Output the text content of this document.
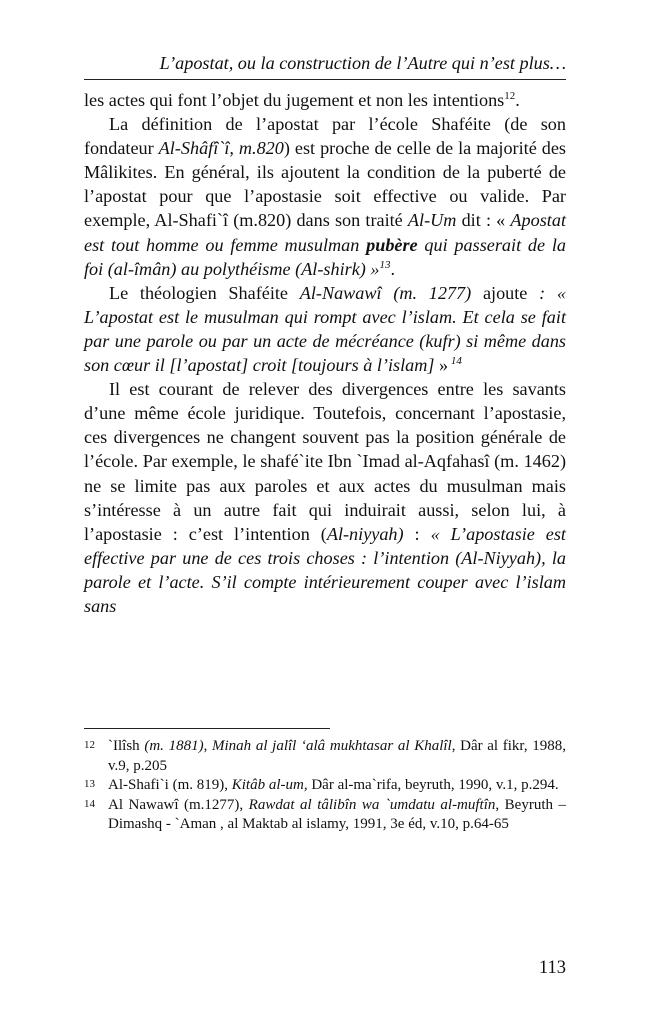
L’apostat, ou la construction de l’Autre qui n’est plus…

les actes qui font l’objet du jugement et non les intentions$^{12}$.

La définition de l’apostat par l’école Shaféite (de son fondateur Al-Shâfî`î, m.820) est proche de celle de la majorité des Mâlikites. En général, ils ajoutent la condition de la puberté de l’apostat pour que l’apostasie soit effective ou valide. Par exemple, Al-Shafi`î (m.820) dans son traité Al-Um dit : « Apostat est tout homme ou femme musulman pubère qui passerait de la foi (al-îmân) au polythéisme (Al-shirk) »$^{13}$.

Le théologien Shaféite Al-Nawawî (m. 1277) ajoute : « L’apostat est le musulman qui rompt avec l’islam. Et cela se fait par une parole ou par un acte de mécréance (kufr) si même dans son cœur il [l’apostat] croit [toujours à l’islam] » $^{14}$

Il est courant de relever des divergences entre les savants d’une même école juridique. Toutefois, concernant l’apostasie, ces divergences ne changent souvent pas la position générale de l’école. Par exemple, le shafé`ite Ibn `Imad al-Aqfahasî (m. 1462) ne se limite pas aux paroles et aux actes du musulman mais s’intéresse à un autre fait qui induirait aussi, selon lui, à l’apostasie : c’est l’intention (Al-niyyah) : « L’apostasie est effective par une de ces trois choses : l’intention (Al-Niyyah), la parole et l’acte. S’il compte intérieurement couper avec l’islam sans

12 `Ilîsh (m. 1881), Minah al jalîl ‘alâ mukhtasar al Khalîl, Dâr al fikr, 1988, v.9, p.205

13 Al-Shafi`i (m. 819), Kitâb al-um, Dâr al-ma`rifa, beyruth, 1990, v.1, p.294.

14 Al Nawawî (m.1277), Rawdat al tâlibîn wa `umdatu al-muftîn, Beyruth – Dimashq - `Aman , al Maktab al islamy, 1991, 3e éd, v.10, p.64-65

113
